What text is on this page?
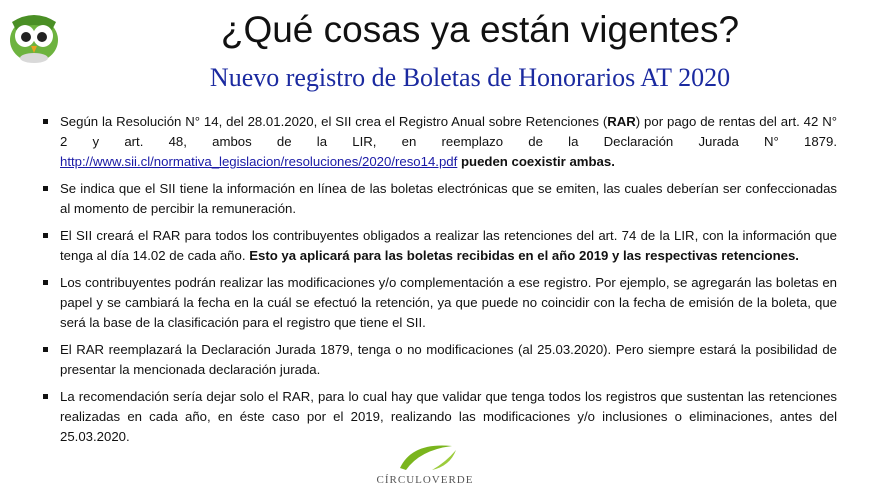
¿Qué cosas ya están vigentes?
Nuevo registro de Boletas de Honorarios AT 2020
Según la Resolución N° 14, del 28.01.2020, el SII crea el Registro Anual sobre Retenciones (RAR) por pago de rentas del art. 42 N° 2 y art. 48, ambos de la LIR, en reemplazo de la Declaración Jurada N° 1879. http://www.sii.cl/normativa_legislacion/resoluciones/2020/reso14.pdf pueden coexistir ambas.
Se indica que el SII tiene la información en línea de las boletas electrónicas que se emiten, las cuales deberían ser confeccionadas al momento de percibir la remuneración.
El SII creará el RAR para todos los contribuyentes obligados a realizar las retenciones del art. 74 de la LIR, con la información que tenga al día 14.02 de cada año. Esto ya aplicará para las boletas recibidas en el año 2019 y las respectivas retenciones.
Los contribuyentes podrán realizar las modificaciones y/o complementación a ese registro. Por ejemplo, se agregarán las boletas en papel y se cambiará la fecha en la cuál se efectuó la retención, ya que puede no coincidir con la fecha de emisión de la boleta, que será la base de la clasificación para el registro que tiene el SII.
El RAR reemplazará la Declaración Jurada 1879, tenga o no modificaciones (al 25.03.2020). Pero siempre estará la posibilidad de presentar la mencionada declaración jurada.
La recomendación sería dejar solo el RAR, para lo cual hay que validar que tenga todos los registros que sustentan las retenciones realizadas en cada año, en éste caso por el 2019, realizando las modificaciones y/o inclusiones o eliminaciones, antes del 25.03.2020.
CÍRCULOVERDE
